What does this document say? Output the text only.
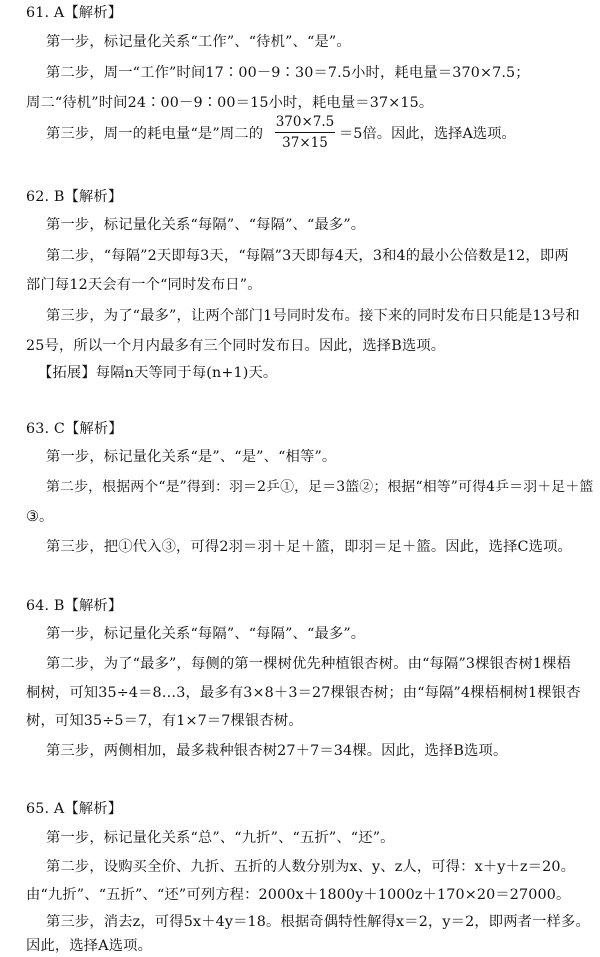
61. A【解析】
第一步，标记量化关系“工作”、“待机”、“是”。
第二步，周一“工作”时间17∶00－9∶30＝7.5小时，耗电量＝370×7.5；
周二“待机”时间24∶00－9∶00＝15小时，耗电量＝37×15。
第三步，周一的耗电量“是”周二的
370×7.5
37×15
＝5倍。因此，选择A选项。
62. B【解析】
第一步，标记量化关系“每隔”、“每隔”、“最多”。
第二步，“每隔”2天即每3天，“每隔”3天即每4天，3和4的最小公倍数是12，即两
部门每12天会有一个“同时发布日”。
第三步，为了“最多”，让两个部门1号同时发布。接下来的同时发布日只能是13号和
25号，所以一个月内最多有三个同时发布日。因此，选择B选项。
【拓展】每隔n天等同于每(n+1)天。
63. C【解析】
第一步，标记量化关系“是”、“是”、“相等”。
第二步，根据两个“是”得到：羽＝2乒①，足＝3篮②；根据“相等”可得4乒＝羽＋足＋篮
③。
第三步，把①代入③，可得2羽＝羽＋足＋篮，即羽＝足＋篮。因此，选择C选项。
64. B【解析】
第一步，标记量化关系“每隔”、“每隔”、“最多”。
第二步，为了“最多”，每侧的第一棵树优先种植银杏树。由“每隔”3棵银杏树1棵梧
桐树，可知35÷4＝8…3，最多有3×8＋3＝27棵银杏树；由“每隔”4棵梧桐树1棵银杏
树，可知35÷5＝7，有1×7＝7棵银杏树。
第三步，两侧相加，最多栽种银杏树27＋7＝34棵。因此，选择B选项。
65. A【解析】
第一步，标记量化关系“总”、“九折”、“五折”、“还”。
第二步，设购买全价、九折、五折的人数分别为x、y、z人，可得：x＋y＋z＝20。
由“九折”、“五折”、“还”可列方程：2000x＋1800y＋1000z＋170×20＝27000。
第三步，消去z，可得5x＋4y＝18。根据奇偶特性解得x＝2，y＝2，即两者一样多。
因此，选择A选项。
